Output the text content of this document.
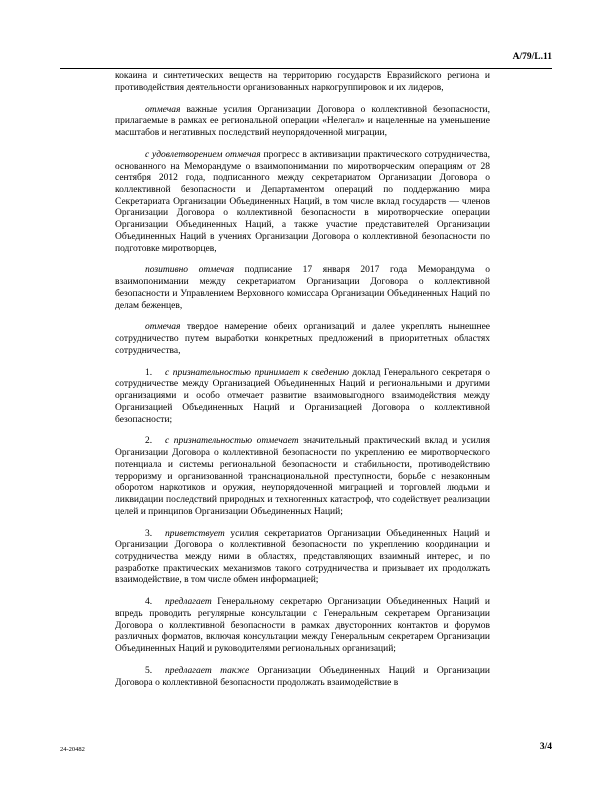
A/79/L.11

кокаина и синтетических веществ на территорию государств Евразийского региона и противодействия деятельности организованных наркогруппировок и их лидеров,

отмечая важные усилия Организации Договора о коллективной безопасности, прилагаемые в рамках ее региональной операции «Нелегал» и нацеленные на уменьшение масштабов и негативных последствий неупорядоченной миграции,

с удовлетворением отмечая прогресс в активизации практического сотрудничества, основанного на Меморандуме о взаимопонимании по миротворческим операциям от 28 сентября 2012 года, подписанного между секретариатом Организации Договора о коллективной безопасности и Департаментом операций по поддержанию мира Секретариата Организации Объединенных Наций, в том числе вклад государств — членов Организации Договора о коллективной безопасности в миротворческие операции Организации Объединенных Наций, а также участие представителей Организации Объединенных Наций в учениях Организации Договора о коллективной безопасности по подготовке миротворцев,

позитивно отмечая подписание 17 января 2017 года Меморандума о взаимопонимании между секретариатом Организации Договора о коллективной безопасности и Управлением Верховного комиссара Организации Объединенных Наций по делам беженцев,

отмечая твердое намерение обеих организаций и далее укреплять нынешнее сотрудничество путем выработки конкретных предложений в приоритетных областях сотрудничества,

1. с признательностью принимает к сведению доклад Генерального секретаря о сотрудничестве между Организацией Объединенных Наций и региональными и другими организациями и особо отмечает развитие взаимовыгодного взаимодействия между Организацией Объединенных Наций и Организацией Договора о коллективной безопасности;

2. с признательностью отмечает значительный практический вклад и усилия Организации Договора о коллективной безопасности по укреплению ее миротворческого потенциала и системы региональной безопасности и стабильности, противодействию терроризму и организованной транснациональной преступности, борьбе с незаконным оборотом наркотиков и оружия, неупорядоченной миграцией и торговлей людьми и ликвидации последствий природных и техногенных катастроф, что содействует реализации целей и принципов Организации Объединенных Наций;

3. приветствует усилия секретариатов Организации Объединенных Наций и Организации Договора о коллективной безопасности по укреплению координации и сотрудничества между ними в областях, представляющих взаимный интерес, и по разработке практических механизмов такого сотрудничества и призывает их продолжать взаимодействие, в том числе обмен информацией;

4. предлагает Генеральному секретарю Организации Объединенных Наций и впредь проводить регулярные консультации с Генеральным секретарем Организации Договора о коллективной безопасности в рамках двусторонних контактов и форумов различных форматов, включая консультации между Генеральным секретарем Организации Объединенных Наций и руководителями региональных организаций;

5. предлагает также Организации Объединенных Наций и Организации Договора о коллективной безопасности продолжать взаимодействие в

24-20482	3/4
